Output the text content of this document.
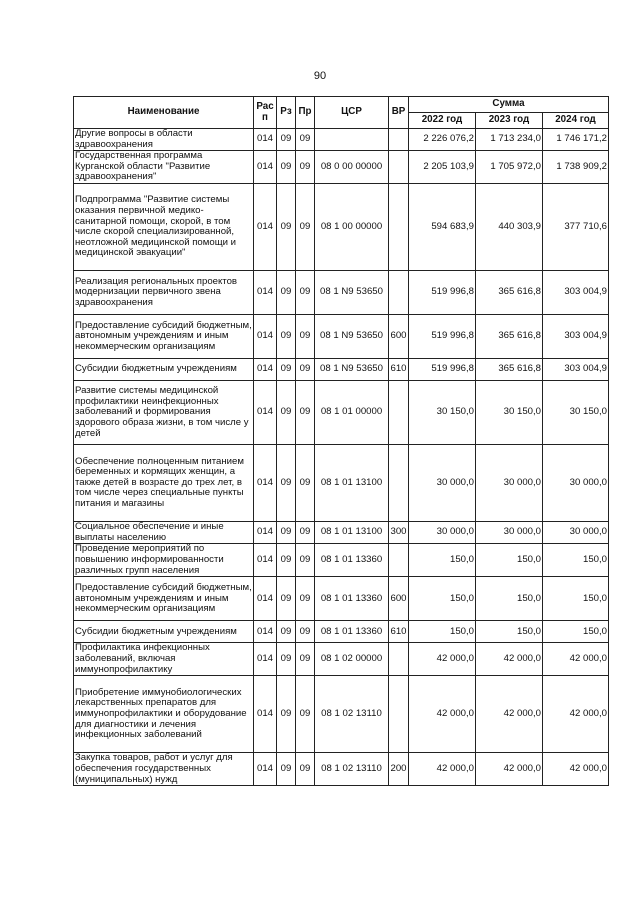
90
Наименование	Рас п	Рз	Пр	ЦСР	ВР	Сумма		
						2022 год	2023 год	2024 год
Другие вопросы в области здравоохранения	014	09	09			2 226 076,2	1 713 234,0	1 746 171,2
Государственная программа Курганской области "Развитие здравоохранения"	014	09	09	08 0 00 00000		2 205 103,9	1 705 972,0	1 738 909,2
Подпрограмма "Развитие системы оказания первичной медико-санитарной помощи, скорой, в том числе скорой специализированной, неотложной медицинской помощи и медицинской эвакуации"	014	09	09	08 1 00 00000		594 683,9	440 303,9	377 710,6
Реализация региональных проектов модернизации первичного звена здравоохранения	014	09	09	08 1 N9 53650		519 996,8	365 616,8	303 004,9
Предоставление субсидий бюджетным, автономным учреждениям и иным некоммерческим организациям	014	09	09	08 1 N9 53650	600	519 996,8	365 616,8	303 004,9
Субсидии бюджетным учреждениям	014	09	09	08 1 N9 53650	610	519 996,8	365 616,8	303 004,9
Развитие системы медицинской профилактики неинфекционных заболеваний и формирования здорового образа жизни, в том числе у детей	014	09	09	08 1 01 00000		30 150,0	30 150,0	30 150,0
Обеспечение полноценным питанием беременных и кормящих женщин, а также детей в возрасте до трех лет, в том числе через специальные пункты питания и магазины	014	09	09	08 1 01 13100		30 000,0	30 000,0	30 000,0
Социальное обеспечение и иные выплаты населению	014	09	09	08 1 01 13100	300	30 000,0	30 000,0	30 000,0
Проведение мероприятий по повышению информированности различных групп населения	014	09	09	08 1 01 13360		150,0	150,0	150,0
Предоставление субсидий бюджетным, автономным учреждениям и иным некоммерческим организациям	014	09	09	08 1 01 13360	600	150,0	150,0	150,0
Субсидии бюджетным учреждениям	014	09	09	08 1 01 13360	610	150,0	150,0	150,0
Профилактика инфекционных заболеваний, включая иммунопрофилактику	014	09	09	08 1 02 00000		42 000,0	42 000,0	42 000,0
Приобретение иммунобиологических лекарственных препаратов для иммунопрофилактики и оборудование для диагностики и лечения инфекционных заболеваний	014	09	09	08 1 02 13110		42 000,0	42 000,0	42 000,0
Закупка товаров, работ и услуг для обеспечения государственных (муниципальных) нужд	014	09	09	08 1 02 13110	200	42 000,0	42 000,0	42 000,0
